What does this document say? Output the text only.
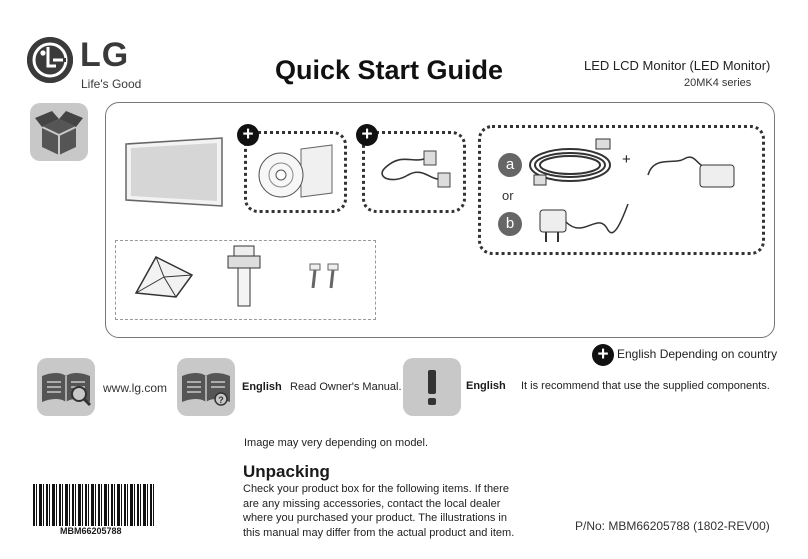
LG
Life's Good	Quick Start Guide	LED LCD Monitor (LED Monitor)
20MK4 series
+	+
a
or
b
+
+ English Depending on country
www.lg.com
?
English Read Owner's Manual.	English It is recommend that use the supplied components.
Image may very depending on model.
Unpacking
Check your product box for the following items. If there are any missing accessories, contact the local dealer where you purchased your product. The illustrations in this manual may differ from the actual product and item.
MBM66205788	P/No: MBM66205788 (1802-REV00)
